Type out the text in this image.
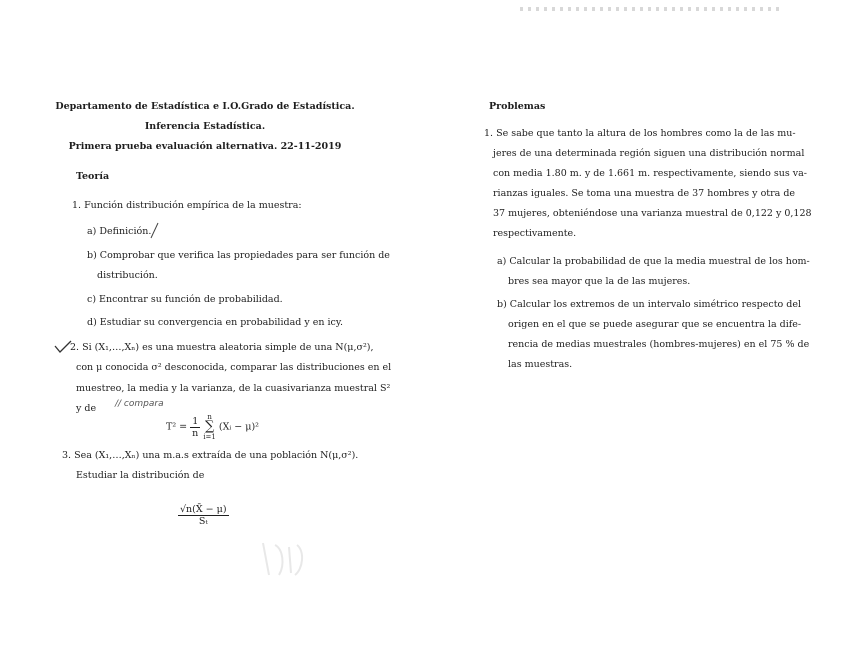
Departamento de Estadística e I.O.Grado de Estadística.
Inferencia Estadística.
Primera prueba evaluación alternativa. 22-11-2019
Teoría
1. Función distribución empírica de la muestra:
a) Definición.
b) Comprobar que verifica las propiedades para ser función de
distribución.
c) Encontrar su función de probabilidad.
d) Estudiar su convergencia en probabilidad y en icy.
2. Si (X₁,…,Xₙ) es una muestra aleatoria simple de una N(μ,σ²),
con μ conocida σ² desconocida, comparar las distribuciones en el
muestreo, la media y la varianza, de la cuasivarianza muestral S²
y de // compara
$T^2 = \frac{1}{n}$
	n
∑
i=1
(Xᵢ − μ)²
3. Sea (X₁,…,Xₙ) una m.a.s extraída de una población N(μ,σ²).
Estudiar la distribución de
$\frac{√n(X̄ - \mu)}{\text{Sₜ}}$
Problemas
1. Se sabe que tanto la altura de los hombres como la de las mu-
jeres de una determinada región siguen una distribución normal
con media 1.80 m. y de 1.661 m. respectivamente, siendo sus va-
rianzas iguales. Se toma una muestra de 37 hombres y otra de
37 mujeres, obteniéndose una varianza muestral de 0,122 y 0,128
respectivamente.
a) Calcular la probabilidad de que la media muestral de los hom-
bres sea mayor que la de las mujeres.
b) Calcular los extremos de un intervalo simétrico respecto del
origen en el que se puede asegurar que se encuentra la dife-
rencia de medias muestrales (hombres-mujeres) en el 75 % de
las muestras.
